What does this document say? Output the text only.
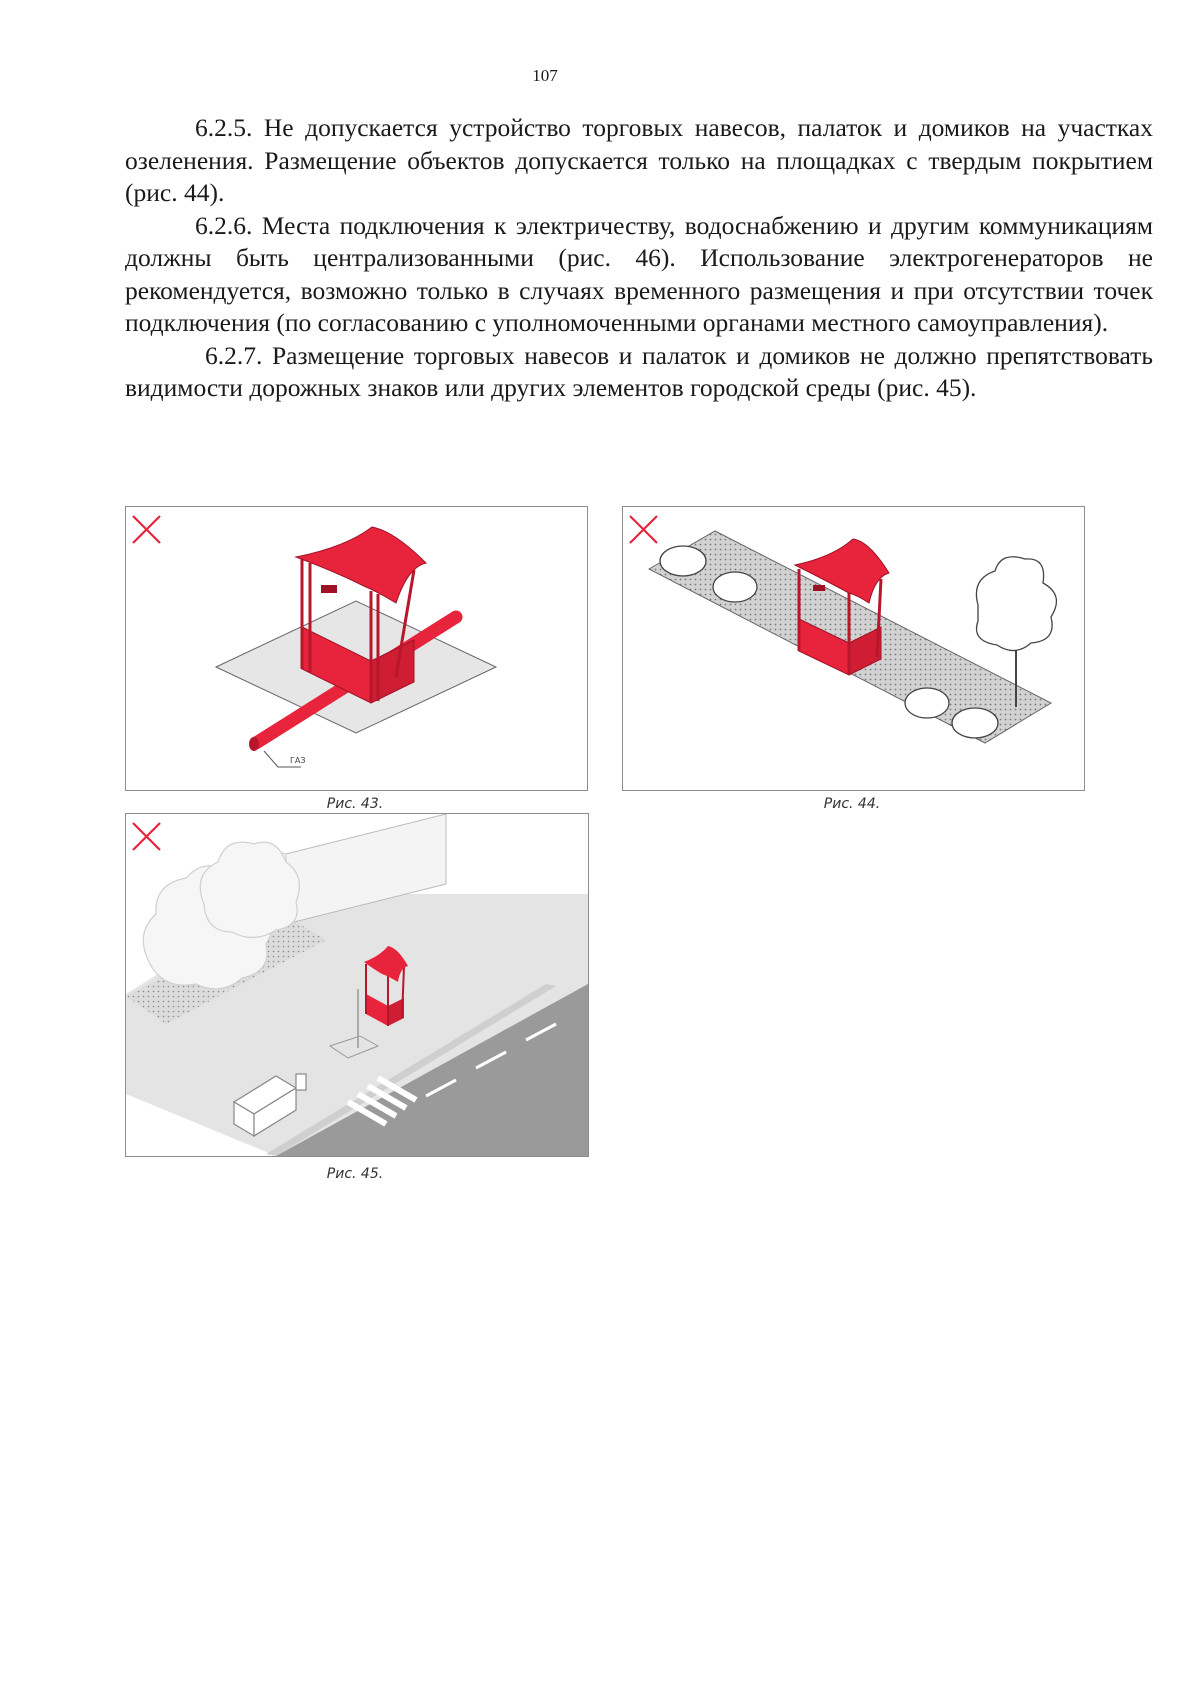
107

6.2.5. Не допускается устройство торговых навесов, палаток и домиков на участках озеленения. Размещение объектов допускается только на площадках с твердым покрытием (рис. 44).

6.2.6. Места подключения к электричеству, водоснабжению и другим коммуникациям должны быть централизованными (рис. 46). Использование электрогенераторов не рекомендуется, возможно только в случаях временного размещения и при отсутствии точек подключения (по согласованию с уполномоченными органами местного самоуправления).

6.2.7. Размещение торговых навесов и палаток и домиков не должно препятствовать видимости дорожных знаков или других элементов городской среды (рис. 45).

ГАЗ
Рис. 43.	Рис. 44.
Рис. 45.
